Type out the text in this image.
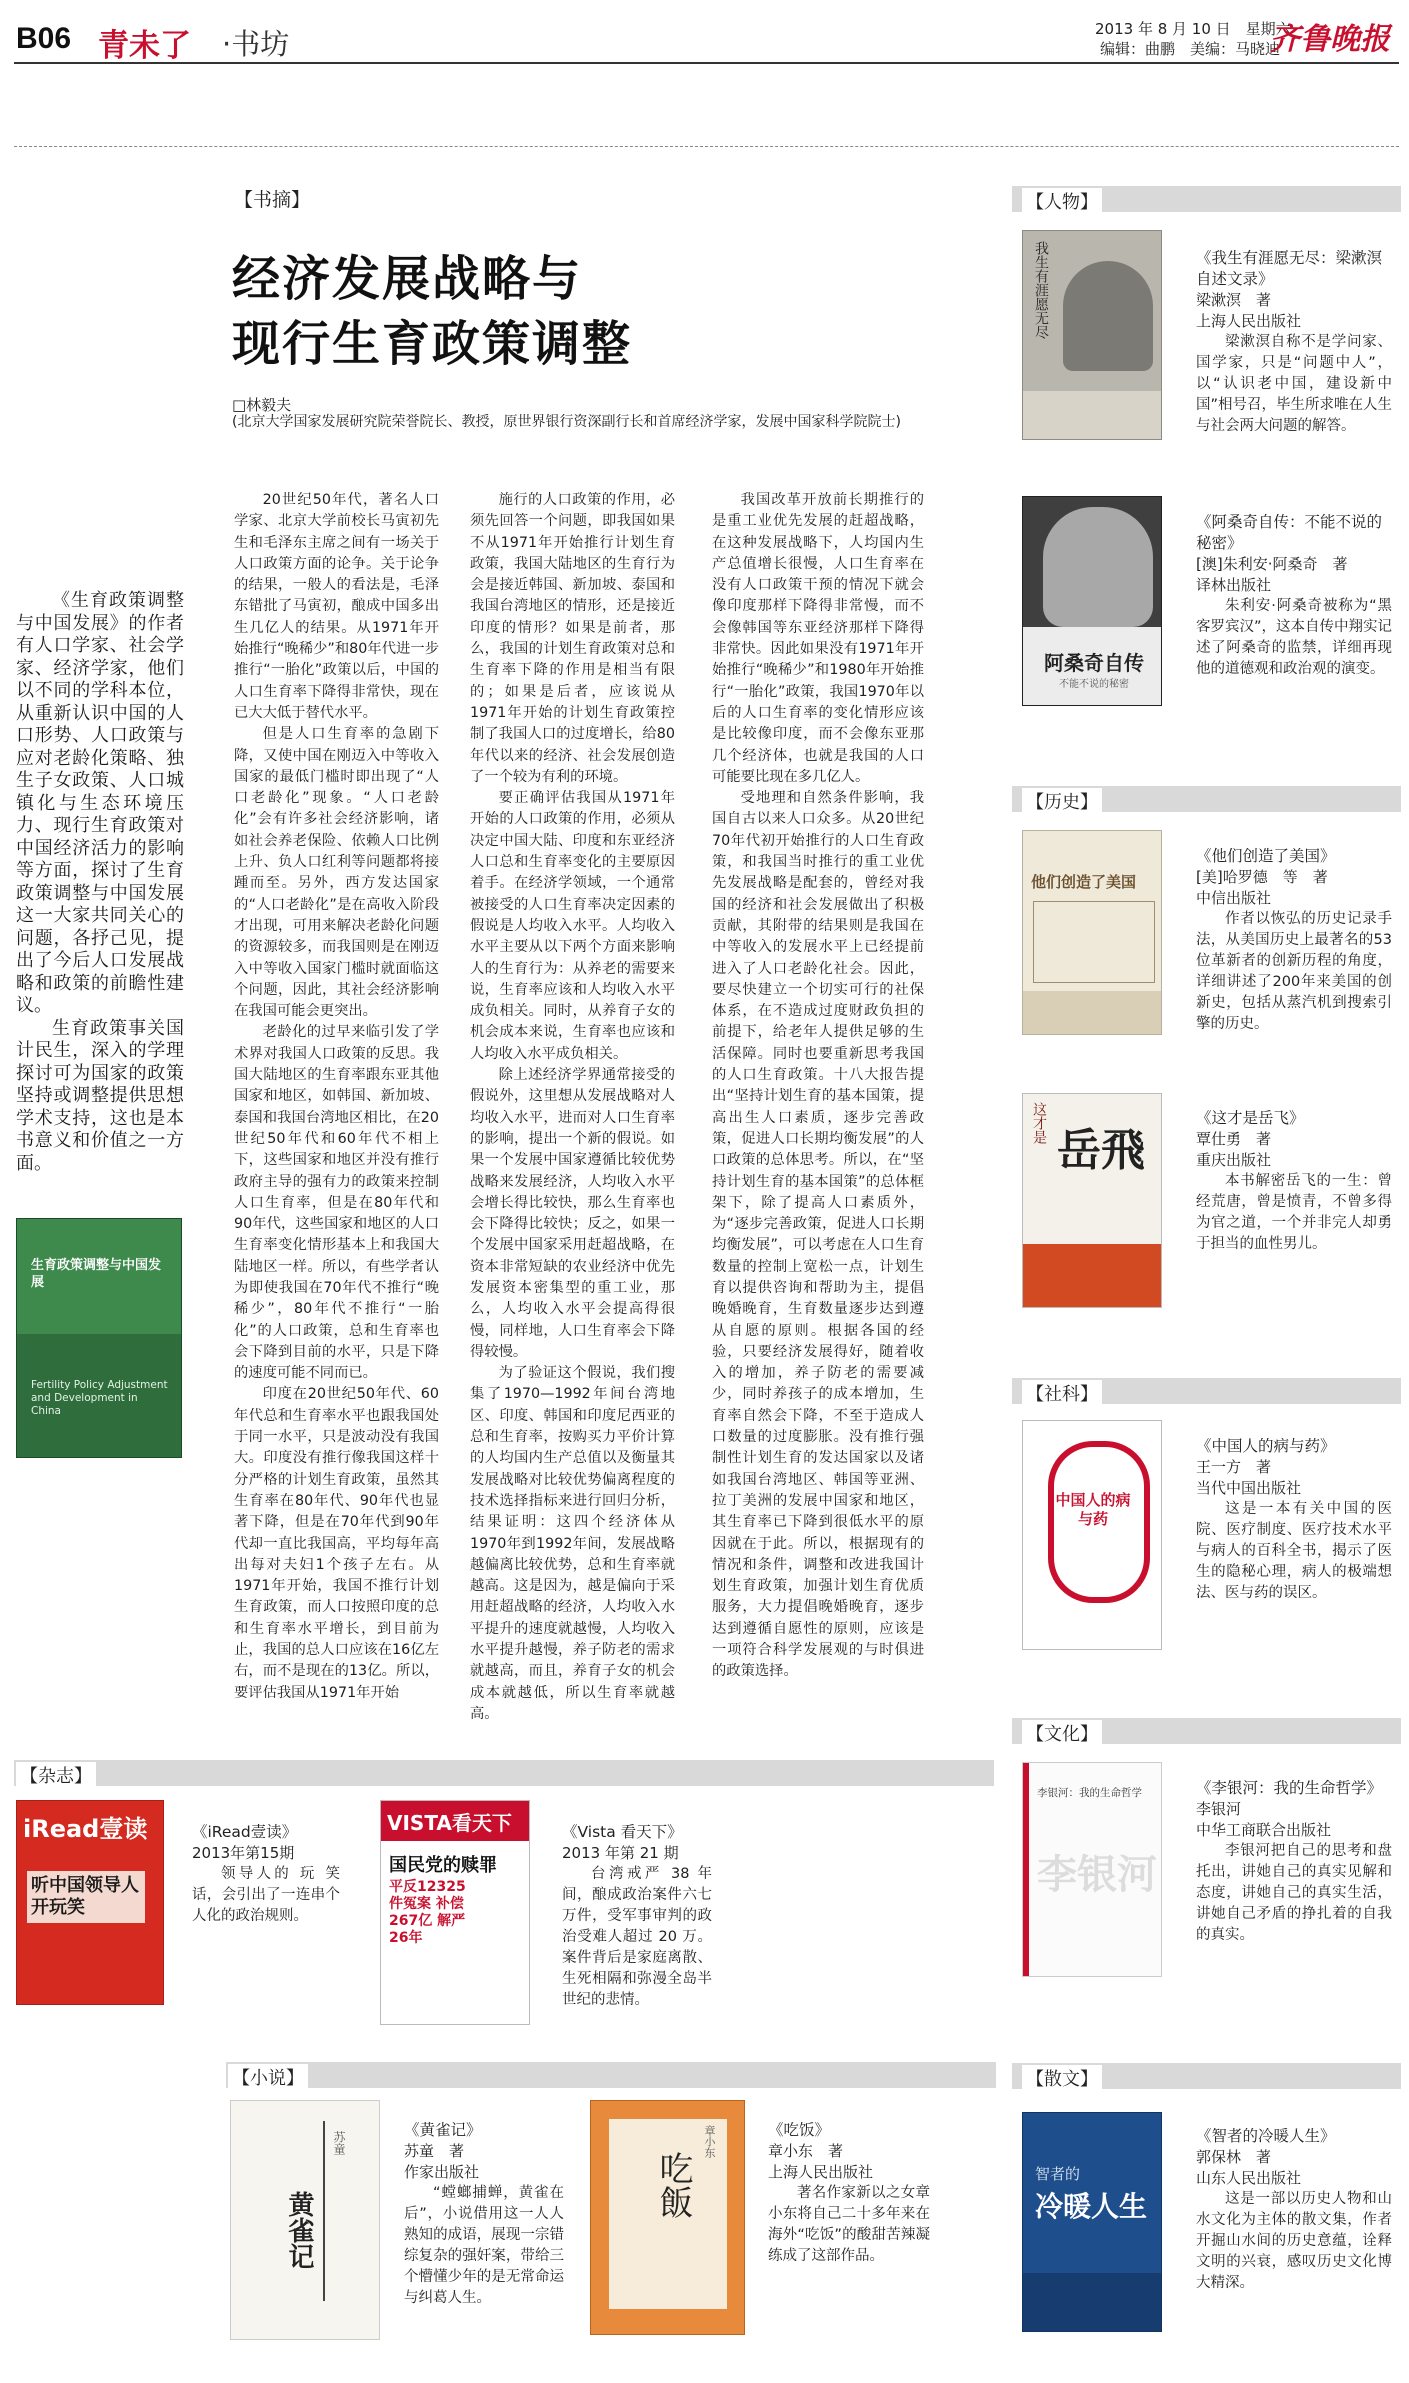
B06 青未了 ·书坊	2013 年 8 月 10 日　星期六
编辑：曲鹏　美编：马晓迪
齐鲁晚报
【书摘】
经济发展战略与
现行生育政策调整
□林毅夫
(北京大学国家发展研究院荣誉院长、教授，原世界银行资深副行长和首席经济学家，发展中国家科学院院士)

《生育政策调整与中国发展》的作者有人口学家、社会学家、经济学家，他们以不同的学科本位，从重新认识中国的人口形势、人口政策与应对老龄化策略、独生子女政策、人口城镇化与生态环境压力、现行生育政策对中国经济活力的影响等方面，探讨了生育政策调整与中国发展这一大家共同关心的问题，各抒己见，提出了今后人口发展战略和政策的前瞻性建议。

生育政策事关国计民生，深入的学理探讨可为国家的政策坚持或调整提供思想学术支持，这也是本书意义和价值之一方面。

生育政策调整与中国发展
Fertility Policy Adjustment and Development in China

20世纪50年代，著名人口学家、北京大学前校长马寅初先生和毛泽东主席之间有一场关于人口政策方面的论争。关于论争的结果，一般人的看法是，毛泽东错批了马寅初，酿成中国多出生几亿人的结果。从1971年开始推行“晚稀少”和80年代进一步推行“一胎化”政策以后，中国的人口生育率下降得非常快，现在已大大低于替代水平。

但是人口生育率的急剧下降，又使中国在刚迈入中等收入国家的最低门槛时即出现了“人口老龄化”现象。“人口老龄化”会有许多社会经济影响，诸如社会养老保险、依赖人口比例上升、负人口红利等问题都将接踵而至。另外，西方发达国家的“人口老龄化”是在高收入阶段才出现，可用来解决老龄化问题的资源较多，而我国则是在刚迈入中等收入国家门槛时就面临这个问题，因此，其社会经济影响在我国可能会更突出。

老龄化的过早来临引发了学术界对我国人口政策的反思。我国大陆地区的生育率跟东亚其他国家和地区，如韩国、新加坡、泰国和我国台湾地区相比，在20世纪50年代和60年代不相上下，这些国家和地区并没有推行政府主导的强有力的政策来控制人口生育率，但是在80年代和90年代，这些国家和地区的人口生育率变化情形基本上和我国大陆地区一样。所以，有些学者认为即使我国在70年代不推行“晚稀少”，80年代不推行“一胎化”的人口政策，总和生育率也会下降到目前的水平，只是下降的速度可能不同而已。

印度在20世纪50年代、60年代总和生育率水平也跟我国处于同一水平，只是波动没有我国大。印度没有推行像我国这样十分严格的计划生育政策，虽然其生育率在80年代、90年代也显著下降，但是在70年代到90年代却一直比我国高，平均每年高出每对夫妇1个孩子左右。从1971年开始，我国不推行计划生育政策，而人口按照印度的总和生育率水平增长，到目前为止，我国的总人口应该在16亿左右，而不是现在的13亿。所以，要评估我国从1971年开始

施行的人口政策的作用，必须先回答一个问题，即我国如果不从1971年开始推行计划生育政策，我国大陆地区的生育行为会是接近韩国、新加坡、泰国和我国台湾地区的情形，还是接近印度的情形？如果是前者，那么，我国的计划生育政策对总和生育率下降的作用是相当有限的；如果是后者，应该说从1971年开始的计划生育政策控制了我国人口的过度增长，给80年代以来的经济、社会发展创造了一个较为有利的环境。

要正确评估我国从1971年开始的人口政策的作用，必须从决定中国大陆、印度和东亚经济人口总和生育率变化的主要原因着手。在经济学领域，一个通常被接受的人口生育率决定因素的假说是人均收入水平。人均收入水平主要从以下两个方面来影响人的生育行为：从养老的需要来说，生育率应该和人均收入水平成负相关。同时，从养育子女的机会成本来说，生育率也应该和人均收入水平成负相关。

除上述经济学界通常接受的假说外，这里想从发展战略对人均收入水平，进而对人口生育率的影响，提出一个新的假说。如果一个发展中国家遵循比较优势战略来发展经济，人均收入水平会增长得比较快，那么生育率也会下降得比较快；反之，如果一个发展中国家采用赶超战略，在资本非常短缺的农业经济中优先发展资本密集型的重工业，那么，人均收入水平会提高得很慢，同样地，人口生育率会下降得较慢。

为了验证这个假说，我们搜集了1970—1992年间台湾地区、印度、韩国和印度尼西亚的总和生育率，按购买力平价计算的人均国内生产总值以及衡量其发展战略对比较优势偏离程度的技术选择指标来进行回归分析，结果证明：这四个经济体从1970年到1992年间，发展战略越偏离比较优势，总和生育率就越高。这是因为，越是偏向于采用赶超战略的经济，人均收入水平提升的速度就越慢，人均收入水平提升越慢，养子防老的需求就越高，而且，养育子女的机会成本就越低，所以生育率就越高。

我国改革开放前长期推行的是重工业优先发展的赶超战略，在这种发展战略下，人均国内生产总值增长很慢，人口生育率在没有人口政策干预的情况下就会像印度那样下降得非常慢，而不会像韩国等东亚经济那样下降得非常快。因此如果没有1971年开始推行“晚稀少”和1980年开始推行“一胎化”政策，我国1970年以后的人口生育率的变化情形应该是比较像印度，而不会像东亚那几个经济体，也就是我国的人口可能要比现在多几亿人。

受地理和自然条件影响，我国自古以来人口众多。从20世纪70年代初开始推行的人口生育政策，和我国当时推行的重工业优先发展战略是配套的，曾经对我国的经济和社会发展做出了积极贡献，其附带的结果则是我国在中等收入的发展水平上已经提前进入了人口老龄化社会。因此，要尽快建立一个切实可行的社保体系，在不造成过度财政负担的前提下，给老年人提供足够的生活保障。同时也要重新思考我国的人口生育政策。十八大报告提出“坚持计划生育的基本国策，提高出生人口素质，逐步完善政策，促进人口长期均衡发展”的人口政策的总体思考。所以，在“坚持计划生育的基本国策”的总体框架下，除了提高人口素质外，为“逐步完善政策，促进人口长期均衡发展”，可以考虑在人口生育数量的控制上宽松一点，计划生育以提供咨询和帮助为主，提倡晚婚晚育，生育数量逐步达到遵从自愿的原则。根据各国的经验，只要经济发展得好，随着收入的增加，养子防老的需要减少，同时养孩子的成本增加，生育率自然会下降，不至于造成人口数量的过度膨胀。没有推行强制性计划生育的发达国家以及诸如我国台湾地区、韩国等亚洲、拉丁美洲的发展中国家和地区，其生育率已下降到很低水平的原因就在于此。所以，根据现有的情况和条件，调整和改进我国计划生育政策，加强计划生育优质服务，大力提倡晚婚晚育，逐步达到遵循自愿性的原则，应该是一项符合科学发展观的与时俱进的政策选择。

【人物】
【历史】
【社科】
【文化】
【散文】
我生有涯愿无尽	《我生有涯愿无尽：梁漱溟自述文录》
梁漱溟　著
上海人民出版社

梁漱溟自称不是学问家、国学家，只是“问题中人”，以“认识老中国，建设新中国”相号召，毕生所求唯在人生与社会两大问题的解答。

阿桑奇自传
不能不说的秘密
《阿桑奇自传：不能不说的秘密》
[澳]朱利安·阿桑奇　著
译林出版社

朱利安·阿桑奇被称为“黑客罗宾汉”，这本自传中翔实记述了阿桑奇的监禁，详细再现他的道德观和政治观的演变。

他们创造了美国
《他们创造了美国》
[美]哈罗德　等　著
中信出版社

作者以恢弘的历史记录手法，从美国历史上最著名的53位革新者的创新历程的角度，详细讲述了200年来美国的创新史，包括从蒸汽机到搜索引擎的历史。

这才是
岳飛
《这才是岳飞》
覃仕勇　著
重庆出版社

本书解密岳飞的一生：曾经荒唐，曾是愤青，不曾多得为官之道，一个并非完人却勇于担当的血性男儿。

中国人的病与药
《中国人的病与药》
王一方　著
当代中国出版社

这是一本有关中国的医院、医疗制度、医疗技术水平与病人的百科全书，揭示了医生的隐秘心理，病人的极端想法、医与药的误区。

李银河：我的生命哲学
李银河
《李银河：我的生命哲学》
李银河
中华工商联合出版社

李银河把自己的思考和盘托出，讲她自己的真实见解和态度，讲她自己的真实生活，讲她自己矛盾的挣扎着的自我的真实。

智者的
冷暖人生
《智者的冷暖人生》
郭保林　著
山东人民出版社

这是一部以历史人物和山水文化为主体的散文集，作者开掘山水间的历史意蕴，诠释文明的兴衰，感叹历史文化博大精深。

【杂志】
iRead壹读
听中国领导人开玩笑
《iRead壹读》
2013年第15期

领导人的 玩 笑话，会引出了一连串个人化的政治规则。

VISTA看天下
国民党的赎罪
平反12325件冤案 补偿267亿 解严26年
《Vista 看天下》
2013 年第 21 期

台湾戒严 38 年间，酿成政治案件六七万件，受军事审判的政治受难人超过 20 万。案件背后是家庭离散、生死相隔和弥漫全岛半世纪的悲情。

【小说】
苏童
黄雀记
《黄雀记》
苏童　著
作家出版社

“螳螂捕蝉，黄雀在后”，小说借用这一人人熟知的成语，展现一宗错综复杂的强奸案，带给三个懵懂少年的是无常命运与纠葛人生。

吃飯
章小东	《吃饭》
章小东　著
上海人民出版社

著名作家新以之女章小东将自己二十多年来在海外“吃饭”的酸甜苦辣凝练成了这部作品。
